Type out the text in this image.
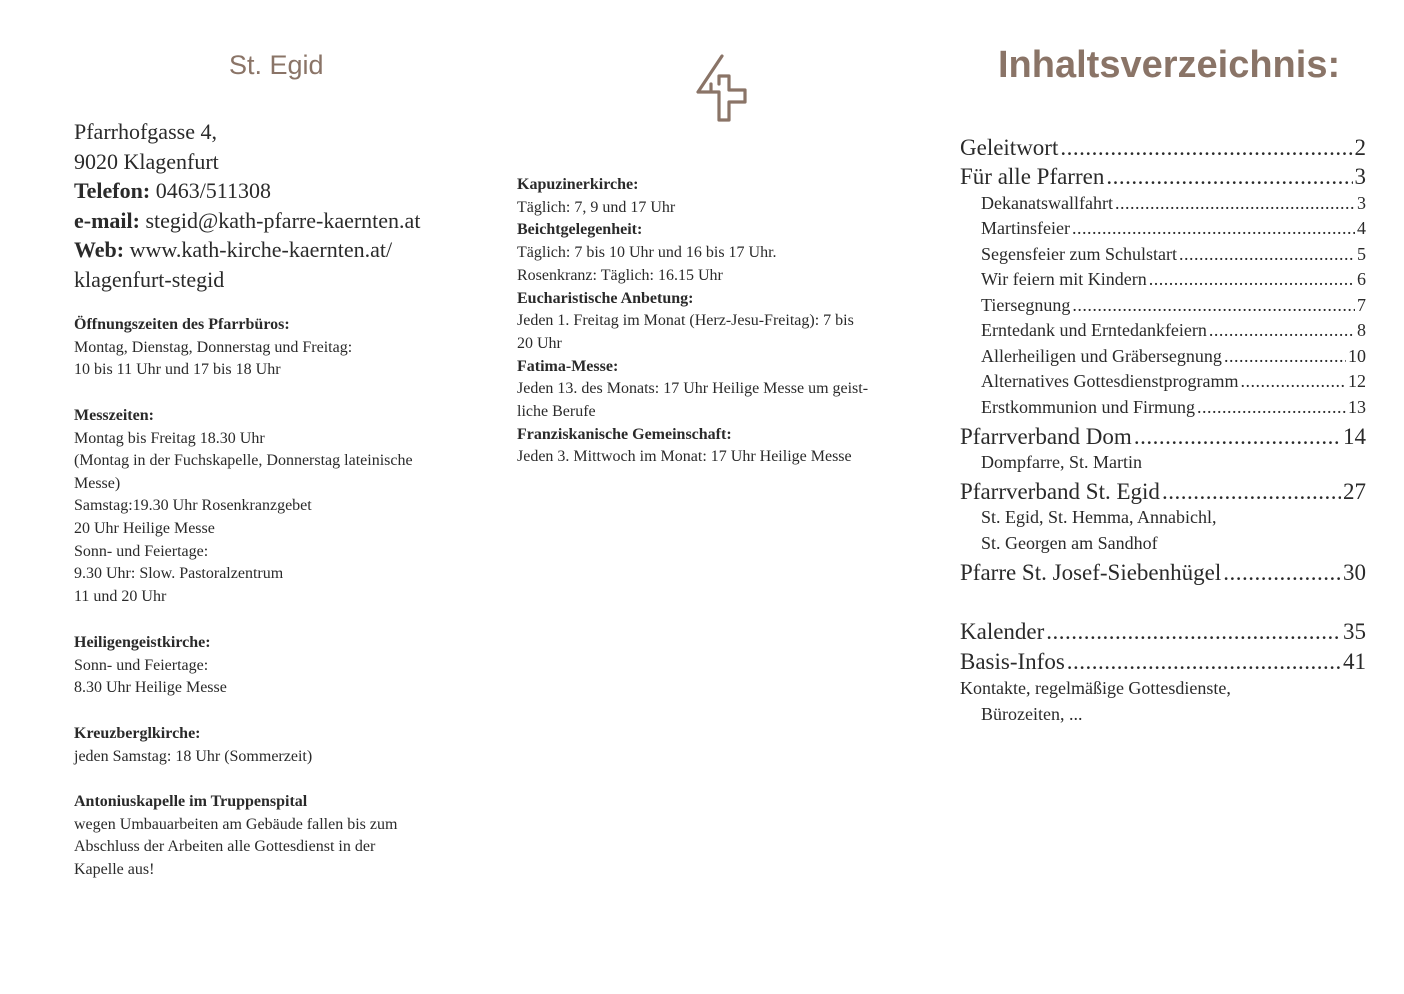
St. Egid
Pfarrhofgasse 4,
9020 Klagenfurt
Telefon: 0463/511308
e-mail: stegid@kath-pfarre-kaernten.at
Web: www.kath-kirche-kaernten.at/
klagenfurt-stegid
Öffnungszeiten des Pfarrbüros:
Montag, Dienstag, Donnerstag und Freitag:
10 bis 11 Uhr und 17 bis 18 Uhr
Messzeiten:
Montag bis Freitag 18.30 Uhr
(Montag in der Fuchskapelle, Donnerstag lateinische
Messe)
Samstag:19.30 Uhr Rosenkranzgebet
20 Uhr Heilige Messe
Sonn- und Feiertage:
9.30 Uhr: Slow. Pastoralzentrum
11 und 20 Uhr
Heiligengeistkirche:
Sonn- und Feiertage:
8.30 Uhr Heilige Messe
Kreuzberglkirche:
jeden Samstag: 18 Uhr (Sommerzeit)
Antoniuskapelle im Truppenspital
wegen Umbauarbeiten am Gebäude fallen bis zum
Abschluss der Arbeiten alle Gottesdienst in der
Kapelle aus!
Kapuzinerkirche:
Täglich: 7, 9 und 17 Uhr
Beichtgelegenheit:
Täglich: 7 bis 10 Uhr und 16 bis 17 Uhr.
Rosenkranz: Täglich: 16.15 Uhr
Eucharistische Anbetung:
Jeden 1. Freitag im Monat (Herz-Jesu-Freitag): 7 bis
20 Uhr
Fatima-Messe:
Jeden 13. des Monats: 17 Uhr Heilige Messe um geist-
liche Berufe
Franziskanische Gemeinschaft:
Jeden 3. Mittwoch im Monat: 17 Uhr Heilige Messe
Inhaltsverzeichnis:
Geleitwort .....	2
Für alle Pfarren .....	3
Dekanatswallfahrt .....	3
Martinsfeier .....	4
Segensfeier zum Schulstart .....	5
Wir feiern mit Kindern .....	6
Tiersegnung .....	7
Erntedank und Erntedankfeiern .....	8
Allerheiligen und Gräbersegnung .....	10
Alternatives Gottesdienstprogramm .....	12
Erstkommunion und Firmung .....	13
Pfarrverband Dom .....	14
Dompfarre, St. Martin
Pfarrverband St. Egid .....	27
St. Egid, St. Hemma, Annabichl,
St. Georgen am Sandhof
Pfarre St. Josef-Siebenhügel .....	30
Kalender .....	35
Basis-Infos .....	41
Kontakte, regelmäßige Gottesdienste,
Bürozeiten, ...
